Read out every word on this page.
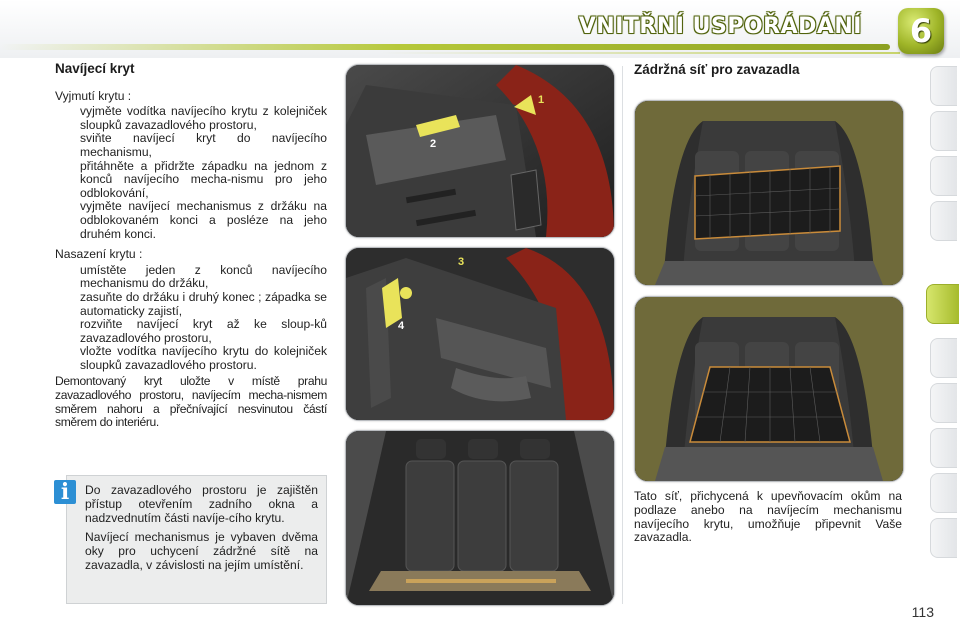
VNITŘNÍ USPOŘÁDÁNÍ	6
Navíjecí kryt

Vyjmutí krytu :

vyjměte vodítka navíjecího krytu z kolejniček sloupků zavazadlového prostoru,
sviňte navíjecí kryt do navíjecího mechanismu,
přitáhněte a přidržte západku na jednom z konců navíjecího mecha-nismu pro jeho odblokování,
vyjměte navíjecí mechanismus z držáku na odblokovaném konci a posléze na jeho druhém konci.

Nasazení krytu :

umístěte jeden z konců navíjecího mechanismu do držáku,
zasuňte do držáku i druhý konec ; západka se automaticky zajistí,
rozviňte navíjecí kryt až ke sloup-ků zavazadlového prostoru,
vložte vodítka navíjecího krytu do kolejniček sloupků zavazadlového prostoru.

Demontovaný kryt uložte v místě prahu zavazadlového prostoru, navíjecím mecha-nismem směrem nahoru a přečnívající nesvinutou částí směrem do interiéru.

Do zavazadlového prostoru je zajištěn přístup otevřením zadního okna a nadzvednutím části navíje-cího krytu.

Navíjecí mechanismus je vybaven dvěma oky pro uchycení zádržné sítě na zavazadla, v závislosti na jejím umístění.

i
1
2
3
4
Zádržná síť pro zavazadla

Tato síť, přichycená k upevňovacím okům na podlaze anebo na navíjecím mechanismu navíjecího krytu, umožňuje připevnit Vaše zavazadla.

113
